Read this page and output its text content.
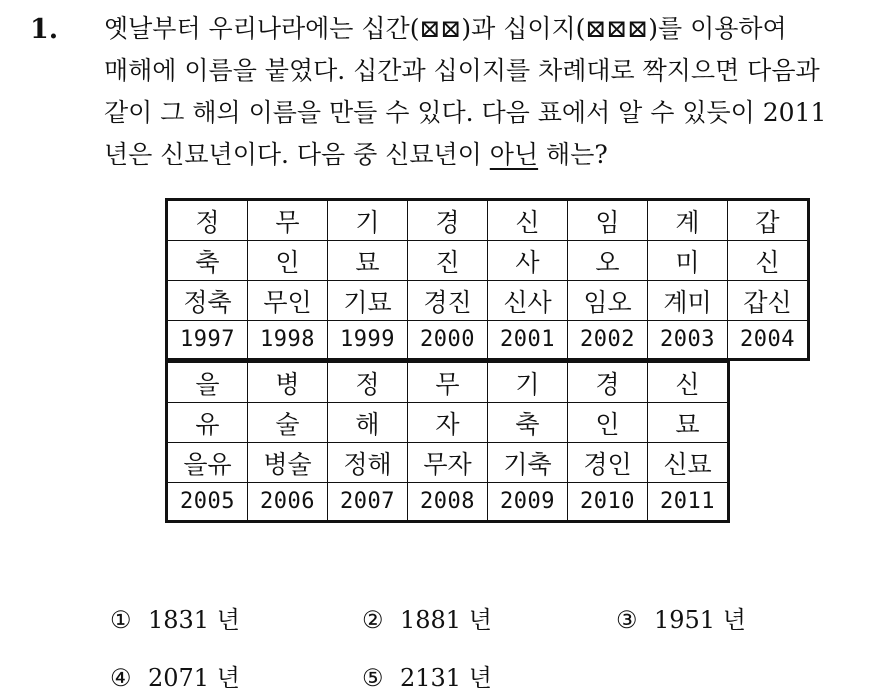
1. 옛날부터 우리나라에는 십간(⊠⊠)과 십이지(⊠⊠⊠)를 이용하여
매해에 이름을 붙였다. 십간과 십이지를 차례대로 짝지으면 다음과
같이 그 해의 이름을 만들 수 있다. 다음 표에서 알 수 있듯이 2011
년은 신묘년이다. 다음 중 신묘년이 아닌 해는?
정	무	기	경	신	임	계	갑
축	인	묘	진	사	오	미	신
정축	무인	기묘	경진	신사	임오	계미	갑신
1997	1998	1999	2000	2001	2002	2003	2004
을	병	정	무	기	경	신
유	술	해	자	축	인	묘
을유	병술	정해	무자	기축	경인	신묘
2005	2006	2007	2008	2009	2010	2011
① 1831 년	② 1881 년	③ 1951 년
④ 2071 년	⑤ 2131 년
